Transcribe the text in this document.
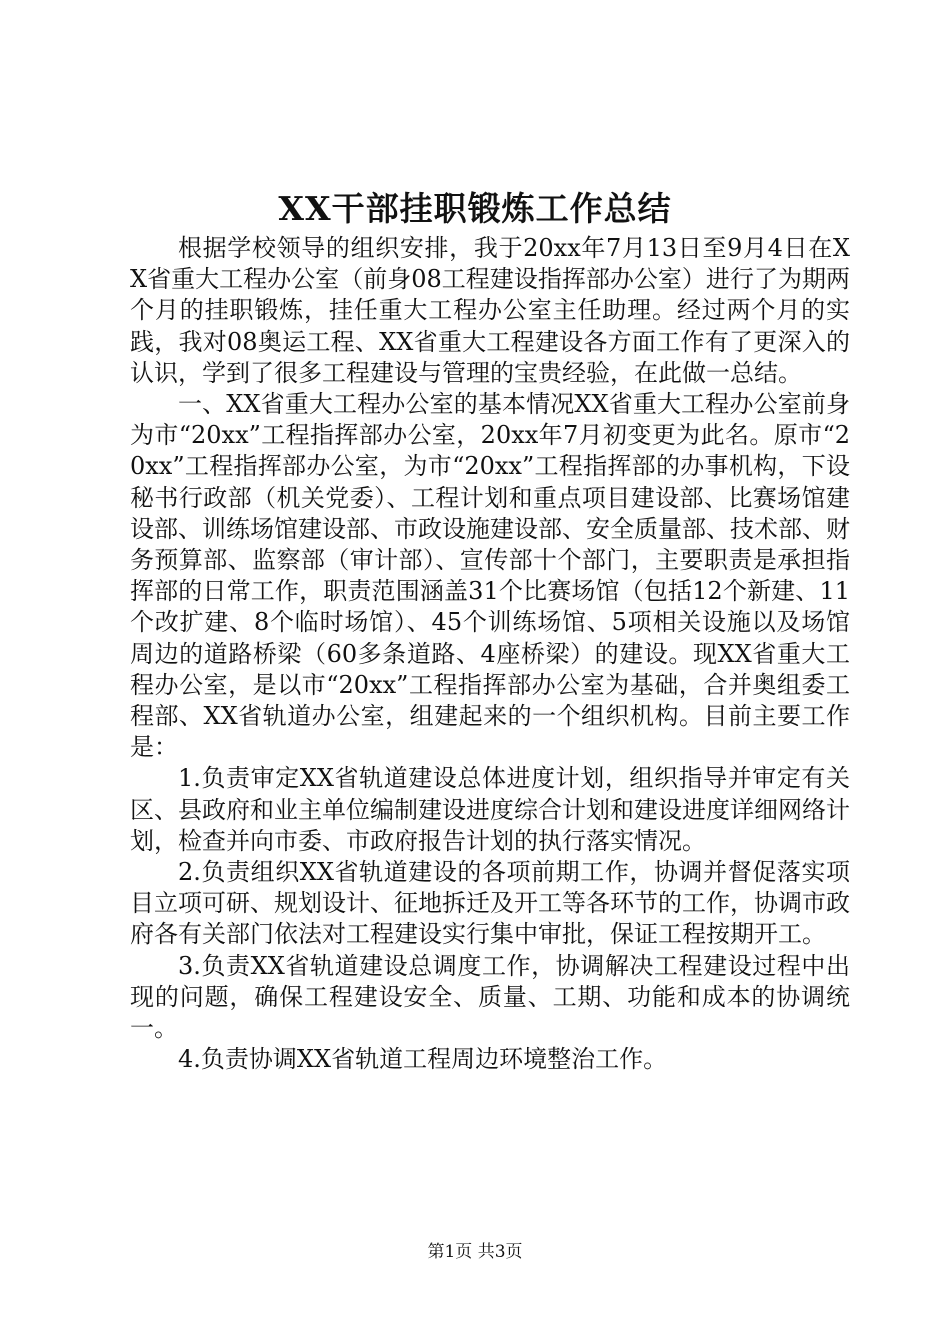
XX干部挂职锻炼工作总结

根据学校领导的组织安排，我于20xx年7月13日至9月4日在XX省重大工程办公室（前身08工程建设指挥部办公室）进行了为期两个月的挂职锻炼，挂任重大工程办公室主任助理。经过两个月的实践，我对08奥运工程、XX省重大工程建设各方面工作有了更深入的认识，学到了很多工程建设与管理的宝贵经验，在此做一总结。

一、XX省重大工程办公室的基本情况XX省重大工程办公室前身为市“20xx”工程指挥部办公室，20xx年7月初变更为此名。原市“20xx”工程指挥部办公室，为市“20xx”工程指挥部的办事机构，下设秘书行政部（机关党委）、工程计划和重点项目建设部、比赛场馆建设部、训练场馆建设部、市政设施建设部、安全质量部、技术部、财务预算部、监察部（审计部）、宣传部十个部门，主要职责是承担指挥部的日常工作，职责范围涵盖31个比赛场馆（包括12个新建、11个改扩建、8个临时场馆）、45个训练场馆、5项相关设施以及场馆周边的道路桥梁（60多条道路、4座桥梁）的建设。现XX省重大工程办公室，是以市“20xx”工程指挥部办公室为基础，合并奥组委工程部、XX省轨道办公室，组建起来的一个组织机构。目前主要工作是：

1.负责审定XX省轨道建设总体进度计划，组织指导并审定有关区、县政府和业主单位编制建设进度综合计划和建设进度详细网络计划，检查并向市委、市政府报告计划的执行落实情况。

2.负责组织XX省轨道建设的各项前期工作，协调并督促落实项目立项可研、规划设计、征地拆迁及开工等各环节的工作，协调市政府各有关部门依法对工程建设实行集中审批，保证工程按期开工。

3.负责XX省轨道建设总调度工作，协调解决工程建设过程中出现的问题，确保工程建设安全、质量、工期、功能和成本的协调统一。

4.负责协调XX省轨道工程周边环境整治工作。

第1页 共3页
